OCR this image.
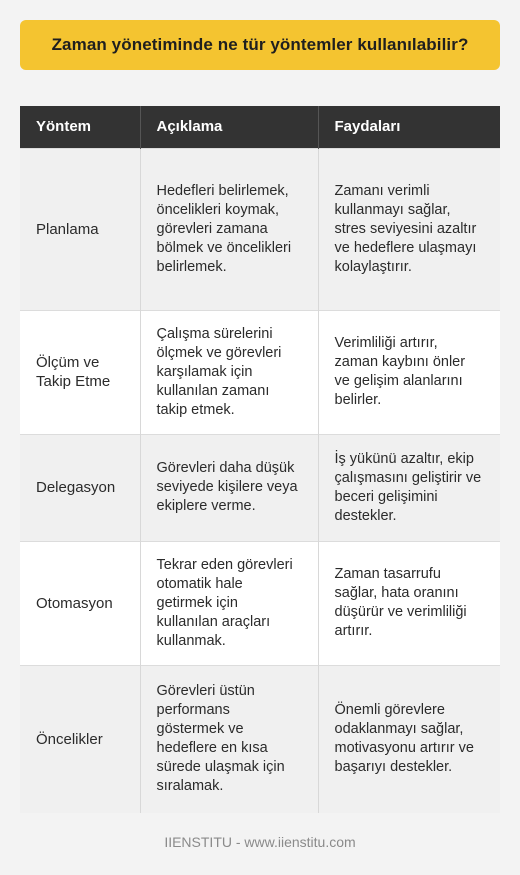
Zaman yönetiminde ne tür yöntemler kullanılabilir?
Yöntem	Açıklama	Faydaları
Planlama	Hedefleri belirlemek, öncelikleri koymak, görevleri zamana bölmek ve öncelikleri belirlemek.	Zamanı verimli kullanmayı sağlar, stres seviyesini azaltır ve hedeflere ulaşmayı kolaylaştırır.
Ölçüm ve Takip Etme	Çalışma sürelerini ölçmek ve görevleri karşılamak için kullanılan zamanı takip etmek.	Verimliliği artırır, zaman kaybını önler ve gelişim alanlarını belirler.
Delegasyon	Görevleri daha düşük seviyede kişilere veya ekiplere verme.	İş yükünü azaltır, ekip çalışmasını geliştirir ve beceri gelişimini destekler.
Otomasyon	Tekrar eden görevleri otomatik hale getirmek için kullanılan araçları kullanmak.	Zaman tasarrufu sağlar, hata oranını düşürür ve verimliliği artırır.
Öncelikler	Görevleri üstün performans göstermek ve hedeflere en kısa sürede ulaşmak için sıralamak.	Önemli görevlere odaklanmayı sağlar, motivasyonu artırır ve başarıyı destekler.
IIENSTITU - www.iienstitu.com
